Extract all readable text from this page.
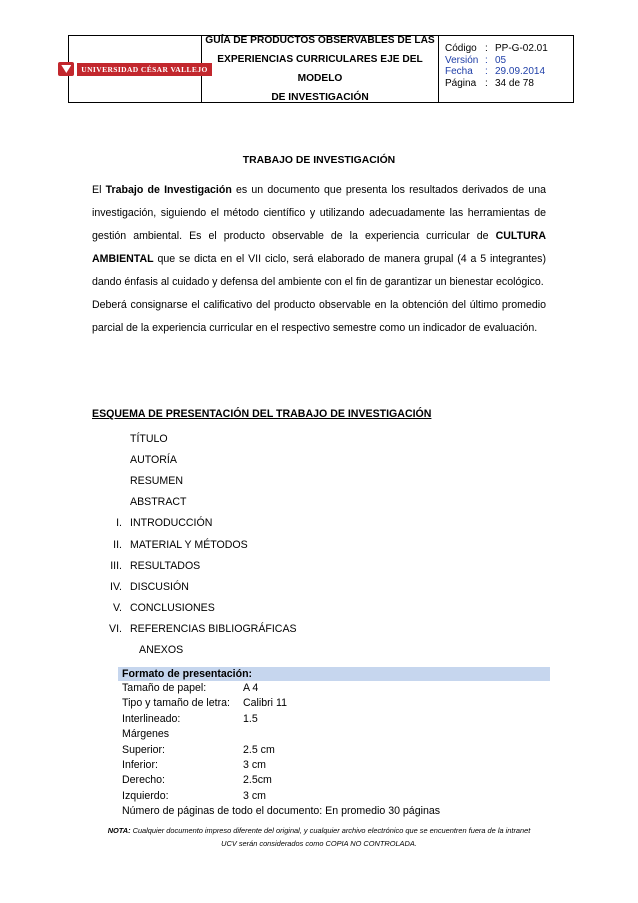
UNIVERSIDAD CÉSAR VALLEJO
GUÍA DE PRODUCTOS OBSERVABLES DE LAS
EXPERIENCIAS CURRICULARES EJE DEL MODELO
DE INVESTIGACIÓN
Código : PP-G-02.01
Versión : 05
Fecha	: 29.09.2014
Página : 34 de 78
TRABAJO DE INVESTIGACIÓN

El Trabajo de Investigación es un documento que presenta los resultados derivados de una investigación, siguiendo el método científico y utilizando adecuadamente las herramientas de gestión ambiental. Es el producto observable de la experiencia curricular de CULTURA AMBIENTAL que se dicta en el VII ciclo, será elaborado de manera grupal (4 a 5 integrantes) dando énfasis al cuidado y defensa del ambiente con el fin de garantizar un bienestar ecológico.

Deberá consignarse el calificativo del producto observable en la obtención del último promedio parcial de la experiencia curricular en el respectivo semestre como un indicador de evaluación.

ESQUEMA DE PRESENTACIÓN DEL TRABAJO DE INVESTIGACIÓN
TÍTULO
AUTORÍA
RESUMEN
ABSTRACT
I. INTRODUCCIÓN
II. MATERIAL Y MÉTODOS
III. RESULTADOS
IV. DISCUSIÓN
V. CONCLUSIONES
VI. REFERENCIAS BIBLIOGRÁFICAS
ANEXOS
Formato de presentación:
Tamaño de papel:	A 4
Tipo y tamaño de letra:	Calibri 11
Interlineado:	1.5
Márgenes
Superior:	2.5 cm
Inferior:	3 cm
Derecho:	2.5cm
Izquierdo:	3 cm
Número de páginas de todo el documento: En promedio 30 páginas
NOTA: Cualquier documento impreso diferente del original, y cualquier archivo electrónico que se encuentren fuera de la intranet
UCV serán considerados como COPIA NO CONTROLADA.
